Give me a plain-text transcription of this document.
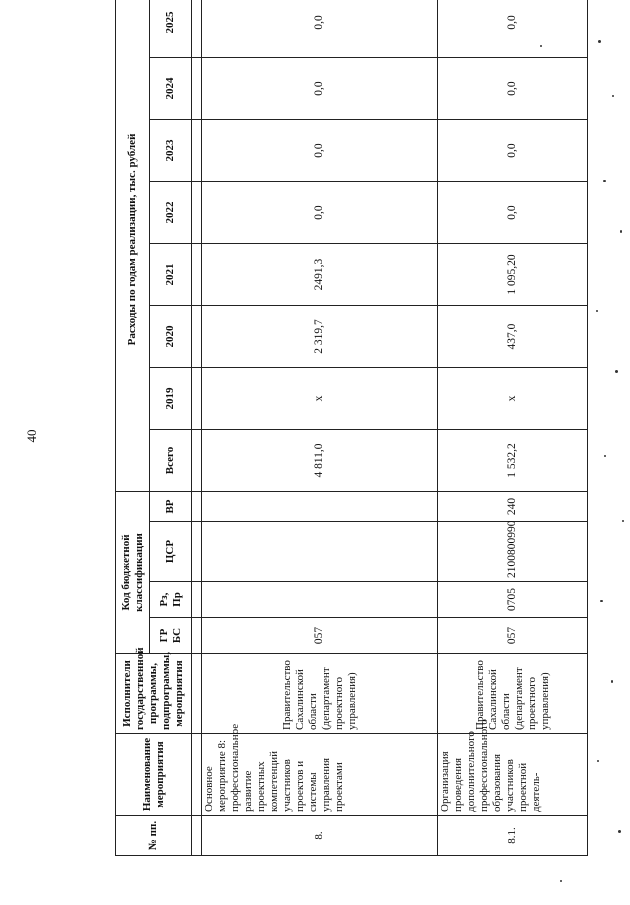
40
№ пп.	Наименование мероприятия	Исполнители государственной программы, подпрограммы, мероприятия	Код бюджетной классификации				Расходы по годам реализации, тыс. рублей							
			ГР БС	Рз, Пр	ЦСР	ВР	Всего	2019	2020	2021	2022	2023	2024	2025

8.	Основное мероприятие 8: профессиональное развитие проектных компетенций участников проектов и системы управления проектами	Правительство Сахалинской области (департамент проектного управления)	057				4 811,0	x	2 319,7	2491,3	0,0	0,0	0,0	0,0
8.1.	Организация проведения дополнительного профессионального образования участников проектной деятель-	Правительство Сахалинской области (департамент проектного управления)	057	0705	2100800990	240	1 532,2	x	437,0	1 095,20	0,0	0,0	0,0	0,0
